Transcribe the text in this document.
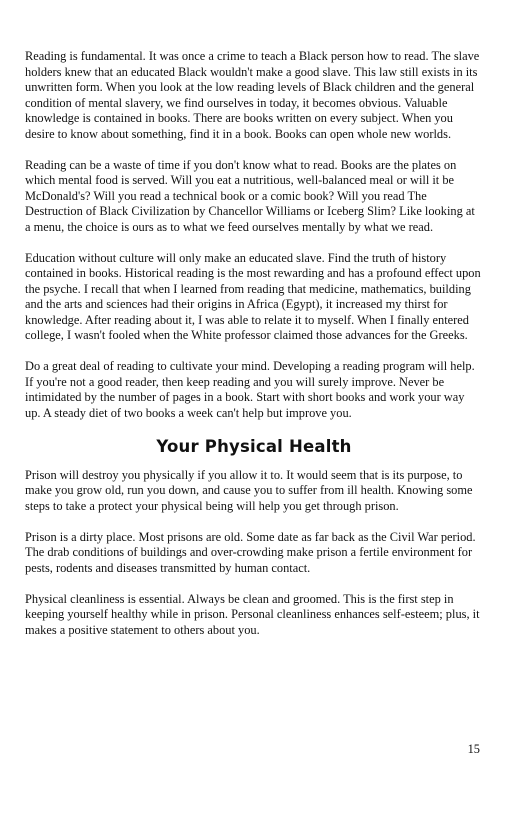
Reading is fundamental. It was once a crime to teach a Black person how to read. The slave holders knew that an educated Black wouldn't make a good slave. This law still exists in its unwritten form. When you look at the low reading levels of Black children and the general condition of mental slavery, we find ourselves in today, it becomes obvious. Valuable knowledge is contained in books. There are books written on every subject. When you desire to know about something, find it in a book. Books can open whole new worlds.

Reading can be a waste of time if you don't know what to read. Books are the plates on which mental food is served. Will you eat a nutritious, well-balanced meal or will it be McDonald's? Will you read a technical book or a comic book? Will you read The Destruction of Black Civilization by Chancellor Williams or Iceberg Slim? Like looking at a menu, the choice is ours as to what we feed ourselves mentally by what we read.

Education without culture will only make an educated slave. Find the truth of history contained in books. Historical reading is the most rewarding and has a profound effect upon the psyche. I recall that when I learned from reading that medicine, mathematics, building and the arts and sciences had their origins in Africa (Egypt), it increased my thirst for knowledge. After reading about it, I was able to relate it to myself. When I finally entered college, I wasn't fooled when the White professor claimed those advances for the Greeks.

Do a great deal of reading to cultivate your mind. Developing a reading program will help. If you're not a good reader, then keep reading and you will surely improve. Never be intimidated by the number of pages in a book. Start with short books and work your way up. A steady diet of two books a week can't help but improve you.

Your Physical Health

Prison will destroy you physically if you allow it to. It would seem that is its purpose, to make you grow old, run you down, and cause you to suffer from ill health. Knowing some steps to take a protect your physical being will help you get through prison.

Prison is a dirty place. Most prisons are old. Some date as far back as the Civil War period. The drab conditions of buildings and over-crowding make prison a fertile environment for pests, rodents and diseases transmitted by human contact.

Physical cleanliness is essential. Always be clean and groomed. This is the first step in keeping yourself healthy while in prison. Personal cleanliness enhances self-esteem; plus, it makes a positive statement to others about you.

15
